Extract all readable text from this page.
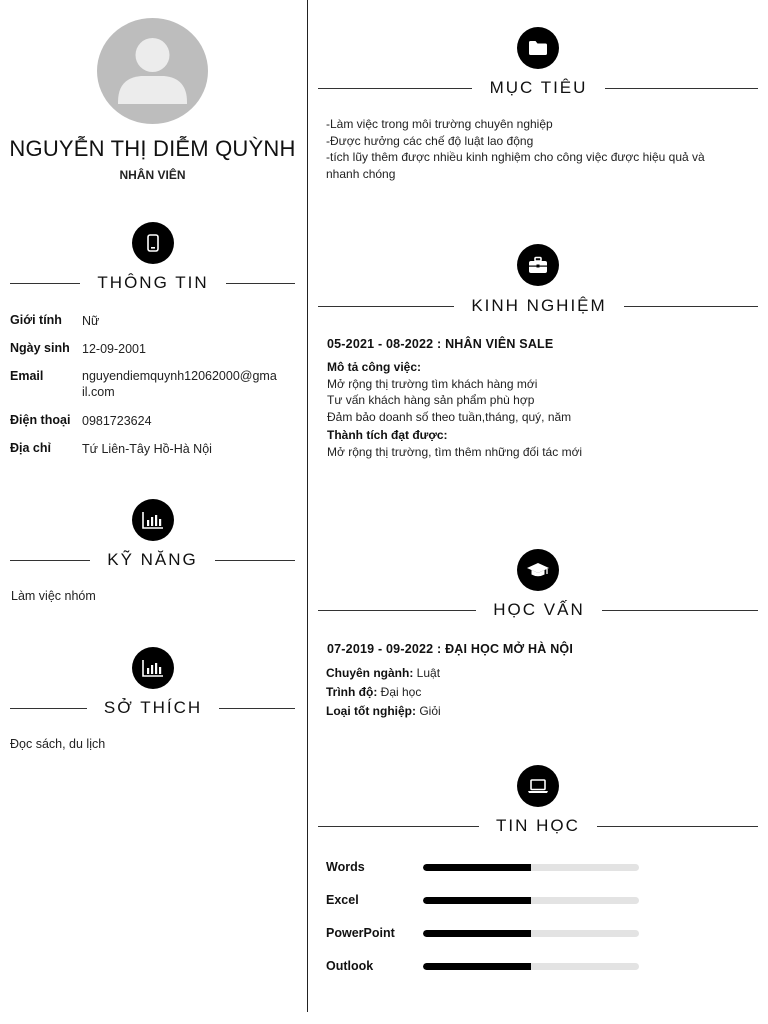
NGUYỄN THỊ DIỄM QUỲNH
NHÂN VIÊN
THÔNG TIN
Giới tính Nữ
Ngày sinh 12-09-2001
Email	nguyendiemquynh12062000@gma
il.com
Điện thoại 0981723624
Địa chỉ Tứ Liên-Tây Hồ-Hà Nội
KỸ NĂNG
Làm việc nhóm
SỞ THÍCH
Đọc sách, du lịch
MỤC TIÊU
-Làm việc trong môi trường chuyên nghiệp
-Được hưởng các chế độ luật lao động
-tích lũy thêm được nhiều kinh nghiệm cho công việc được hiệu quả và
nhanh chóng
KINH NGHIỆM
05-2021 - 08-2022 : NHÂN VIÊN SALE
Mô tả công việc:
Mở rộng thị trường tìm khách hàng mới
Tư vấn khách hàng sản phẩm phù hợp
Đảm bảo doanh số theo tuần,tháng, quý, năm
Thành tích đạt được:
Mở rộng thị trường, tìm thêm những đối tác mới
HỌC VẤN
07-2019 - 09-2022 : ĐẠI HỌC MỞ HÀ NỘI
Chuyên ngành: Luật
Trình độ: Đại học
Loại tốt nghiệp: Giỏi
TIN HỌC
Words
Excel
PowerPoint
Outlook
